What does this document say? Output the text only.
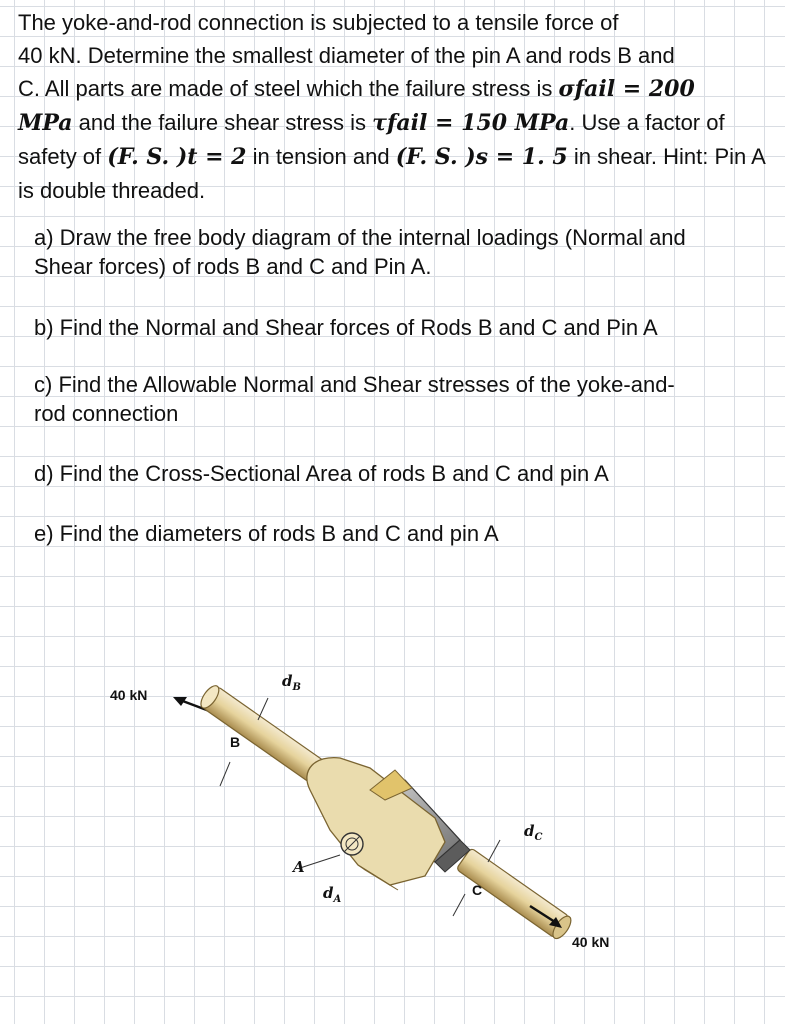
The yoke-and-rod connection is subjected to a tensile force of
40 kN. Determine the smallest diameter of the pin A and rods B and
C. All parts are made of steel which the failure stress is σfail = 200
MPa and the failure shear stress is τfail = 150 MPa. Use a factor of
safety of (F. S. )t = 2 in tension and (F. S. )s = 1. 5 in shear. Hint: Pin A
is double threaded.
a) Draw the free body diagram of the internal loadings (Normal and
Shear forces) of rods B and C and Pin A.
b) Find the Normal and Shear forces of Rods B and C and Pin A
c) Find the Allowable Normal and Shear stresses of the yoke-and-
rod connection
d) Find the Cross-Sectional Area of rods B and C and pin A
e) Find the diameters of rods B and C and pin A
40 kN
40 kN
B
C
A
$d_B$
$d_C$
$d_A$
